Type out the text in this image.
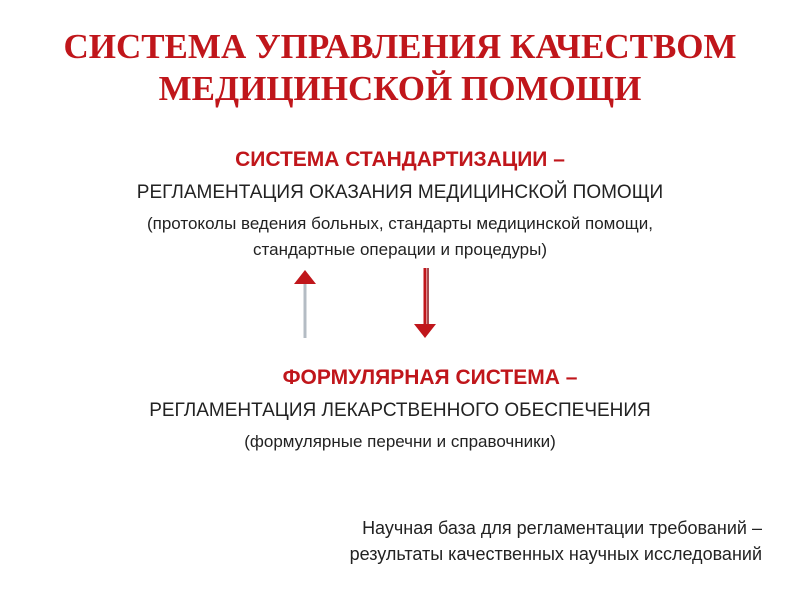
СИСТЕМА УПРАВЛЕНИЯ КАЧЕСТВОМ
МЕДИЦИНСКОЙ ПОМОЩИ
СИСТЕМА СТАНДАРТИЗАЦИИ –
РЕГЛАМЕНТАЦИЯ ОКАЗАНИЯ МЕДИЦИНСКОЙ ПОМОЩИ
(протоколы ведения больных, стандарты медицинской помощи,
стандартные операции и процедуры)
ФОРМУЛЯРНАЯ СИСТЕМА –
РЕГЛАМЕНТАЦИЯ ЛЕКАРСТВЕННОГО ОБЕСПЕЧЕНИЯ
(формулярные перечни и справочники)
Научная база для регламентации требований –
результаты качественных научных исследований
